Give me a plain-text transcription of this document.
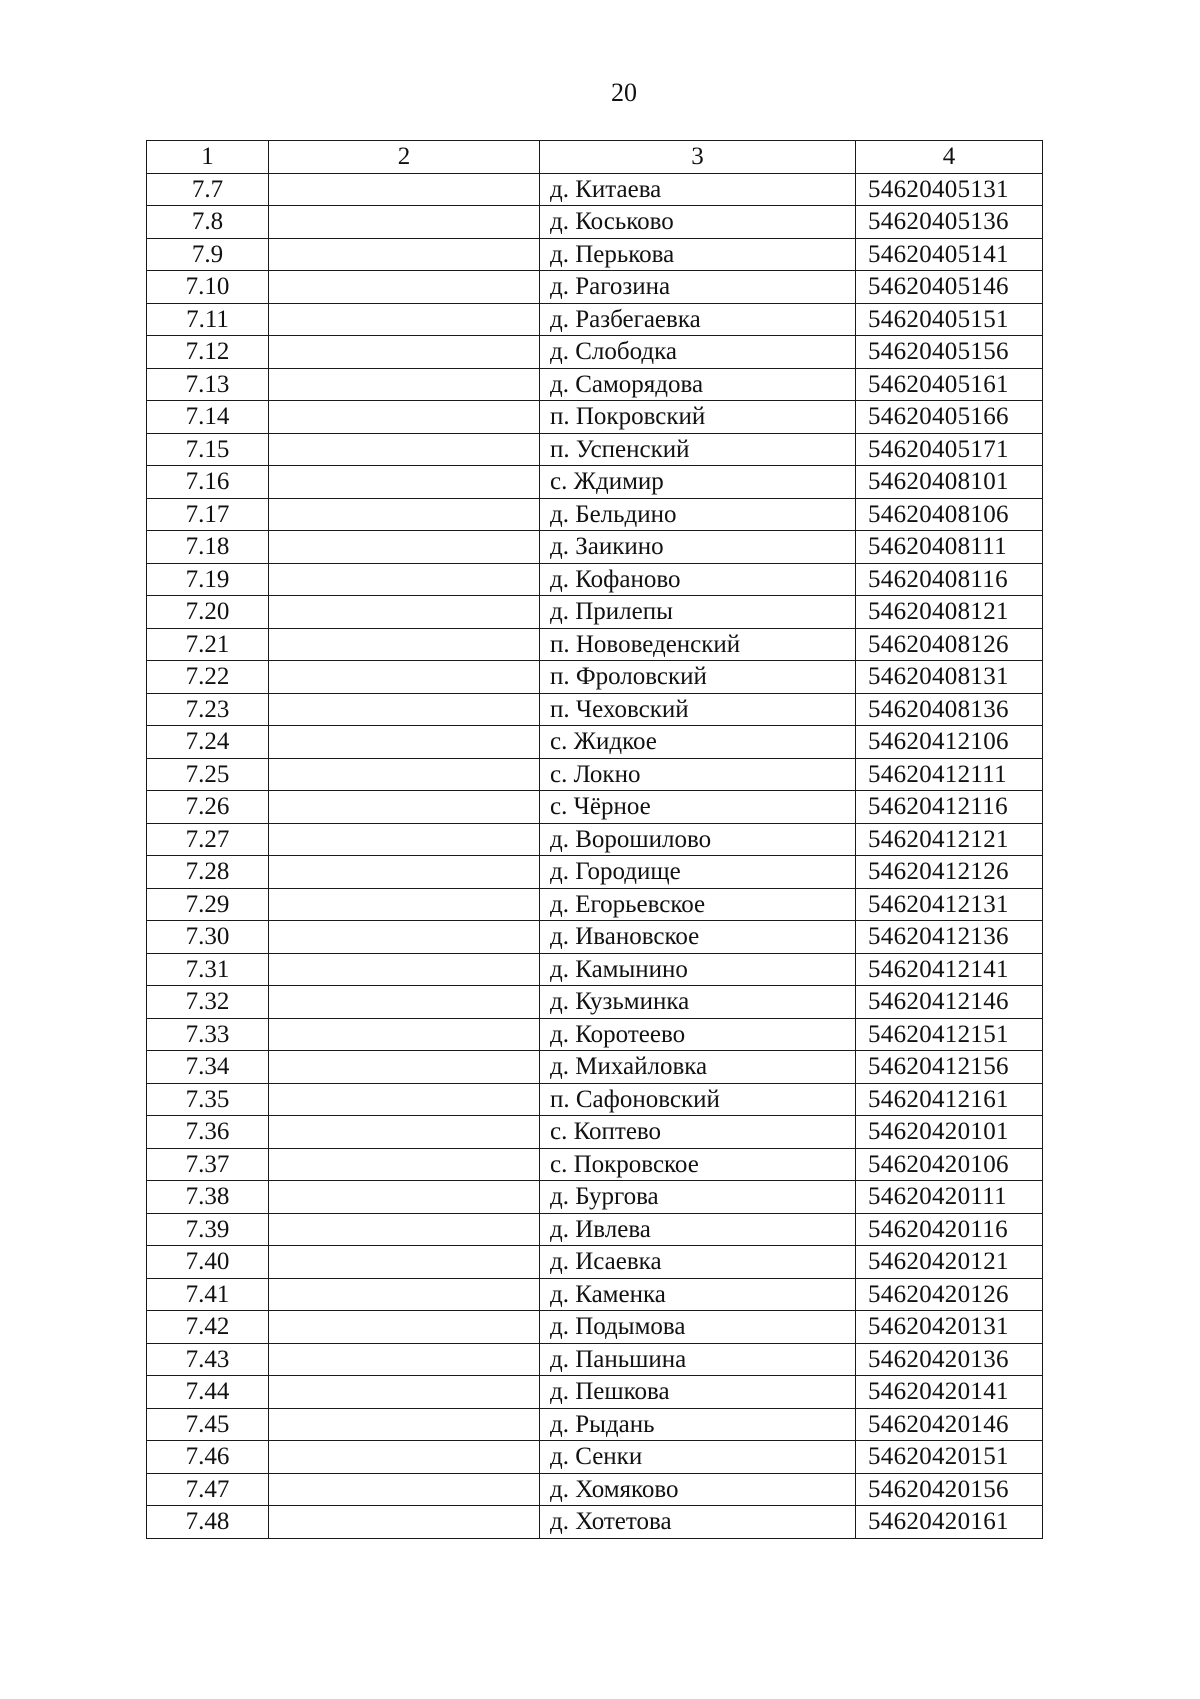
20
1	2	3	4
7.7		д. Китаева	54620405131
7.8		д. Коськово	54620405136
7.9		д. Перькова	54620405141
7.10		д. Рагозина	54620405146
7.11		д. Разбегаевка	54620405151
7.12		д. Слободка	54620405156
7.13		д. Саморядова	54620405161
7.14		п. Покровский	54620405166
7.15		п. Успенский	54620405171
7.16		с. Ждимир	54620408101
7.17		д. Бельдино	54620408106
7.18		д. Заикино	54620408111
7.19		д. Кофаново	54620408116
7.20		д. Прилепы	54620408121
7.21		п. Нововеденский	54620408126
7.22		п. Фроловский	54620408131
7.23		п. Чеховский	54620408136
7.24		с. Жидкое	54620412106
7.25		с. Локно	54620412111
7.26		с. Чёрное	54620412116
7.27		д. Ворошилово	54620412121
7.28		д. Городище	54620412126
7.29		д. Егорьевское	54620412131
7.30		д. Ивановское	54620412136
7.31		д. Камынино	54620412141
7.32		д. Кузьминка	54620412146
7.33		д. Коротеево	54620412151
7.34		д. Михайловка	54620412156
7.35		п. Сафоновский	54620412161
7.36		с. Коптево	54620420101
7.37		с. Покровское	54620420106
7.38		д. Бургова	54620420111
7.39		д. Ивлева	54620420116
7.40		д. Исаевка	54620420121
7.41		д. Каменка	54620420126
7.42		д. Подымова	54620420131
7.43		д. Паньшина	54620420136
7.44		д. Пешкова	54620420141
7.45		д. Рыдань	54620420146
7.46		д. Сенки	54620420151
7.47		д. Хомяково	54620420156
7.48		д. Хотетова	54620420161
